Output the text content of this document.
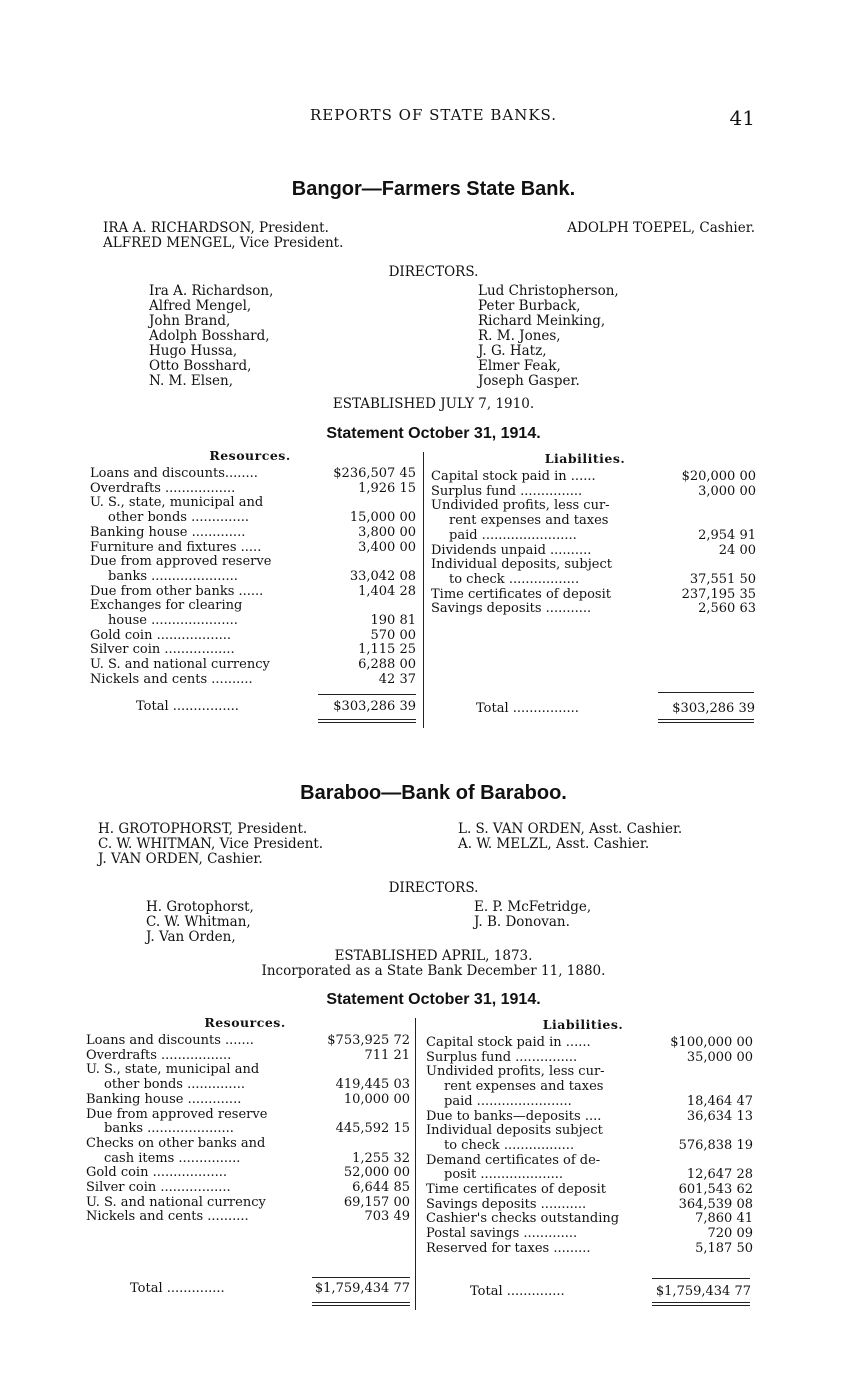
REPORTS OF STATE BANKS.	41
Bangor—Farmers State Bank.
IRA A. RICHARDSON, President.
ALFRED MENGEL, Vice President.
ADOLPH TOEPEL, Cashier.
DIRECTORS.
Ira A. Richardson,
Alfred Mengel,
John Brand,
Adolph Bosshard,
Hugo Hussa,
Otto Bosshard,
N. M. Elsen,
Lud Christopherson,
Peter Burback,
Richard Meinking,
R. M. Jones,
J. G. Hatz,
Elmer Feak,
Joseph Gasper.
ESTABLISHED JULY 7, 1910.
Statement October 31, 1914.
Resources.	Liabilities.
Loans and discounts........	$236,507 45
Overdrafts .................	1,926 15
U. S., state, municipal and
other bonds ..............	15,000 00
Banking house .............	3,800 00
Furniture and fixtures .....	3,400 00
Due from approved reserve
banks .....................	33,042 08
Due from other banks ......	1,404 28
Exchanges for clearing
house .....................	190 81
Gold coin ..................	570 00
Silver coin .................	1,115 25
U. S. and national currency	6,288 00
Nickels and cents ..........	42 37
Capital stock paid in ......	$20,000 00
Surplus fund ...............	3,000 00
Undivided profits, less cur-
rent expenses and taxes
paid .......................	2,954 91
Dividends unpaid ..........	24 00
Individual deposits, subject
to check .................	37,551 50
Time certificates of deposit	237,195 35
Savings deposits ...........	2,560 63
Total ................	$303,286 39	Total ................	$303,286 39
Baraboo—Bank of Baraboo.
H. GROTOPHORST, President.
C. W. WHITMAN, Vice President.
J. VAN ORDEN, Cashier.
L. S. VAN ORDEN, Asst. Cashier.
A. W. MELZL, Asst. Cashier.
DIRECTORS.
H. Grotophorst,
C. W. Whitman,
J. Van Orden,
E. P. McFetridge,
J. B. Donovan.
ESTABLISHED APRIL, 1873.
Incorporated as a State Bank December 11, 1880.
Statement October 31, 1914.
Resources.	Liabilities.
Loans and discounts .......	$753,925 72
Overdrafts .................	711 21
U. S., state, municipal and
other bonds ..............	419,445 03
Banking house .............	10,000 00
Due from approved reserve
banks .....................	445,592 15
Checks on other banks and
cash items ...............	1,255 32
Gold coin ..................	52,000 00
Silver coin .................	6,644 85
U. S. and national currency	69,157 00
Nickels and cents ..........	703 49
Capital stock paid in ......	$100,000 00
Surplus fund ...............	35,000 00
Undivided profits, less cur-
rent expenses and taxes
paid .......................	18,464 47
Due to banks—deposits ....	36,634 13
Individual deposits subject
to check .................	576,838 19
Demand certificates of de-
posit ....................	12,647 28
Time certificates of deposit	601,543 62
Savings deposits ...........	364,539 08
Cashier's checks outstanding	7,860 41
Postal savings .............	720 09
Reserved for taxes .........	5,187 50
Total ..............	$1,759,434 77	Total ..............	$1,759,434 77
